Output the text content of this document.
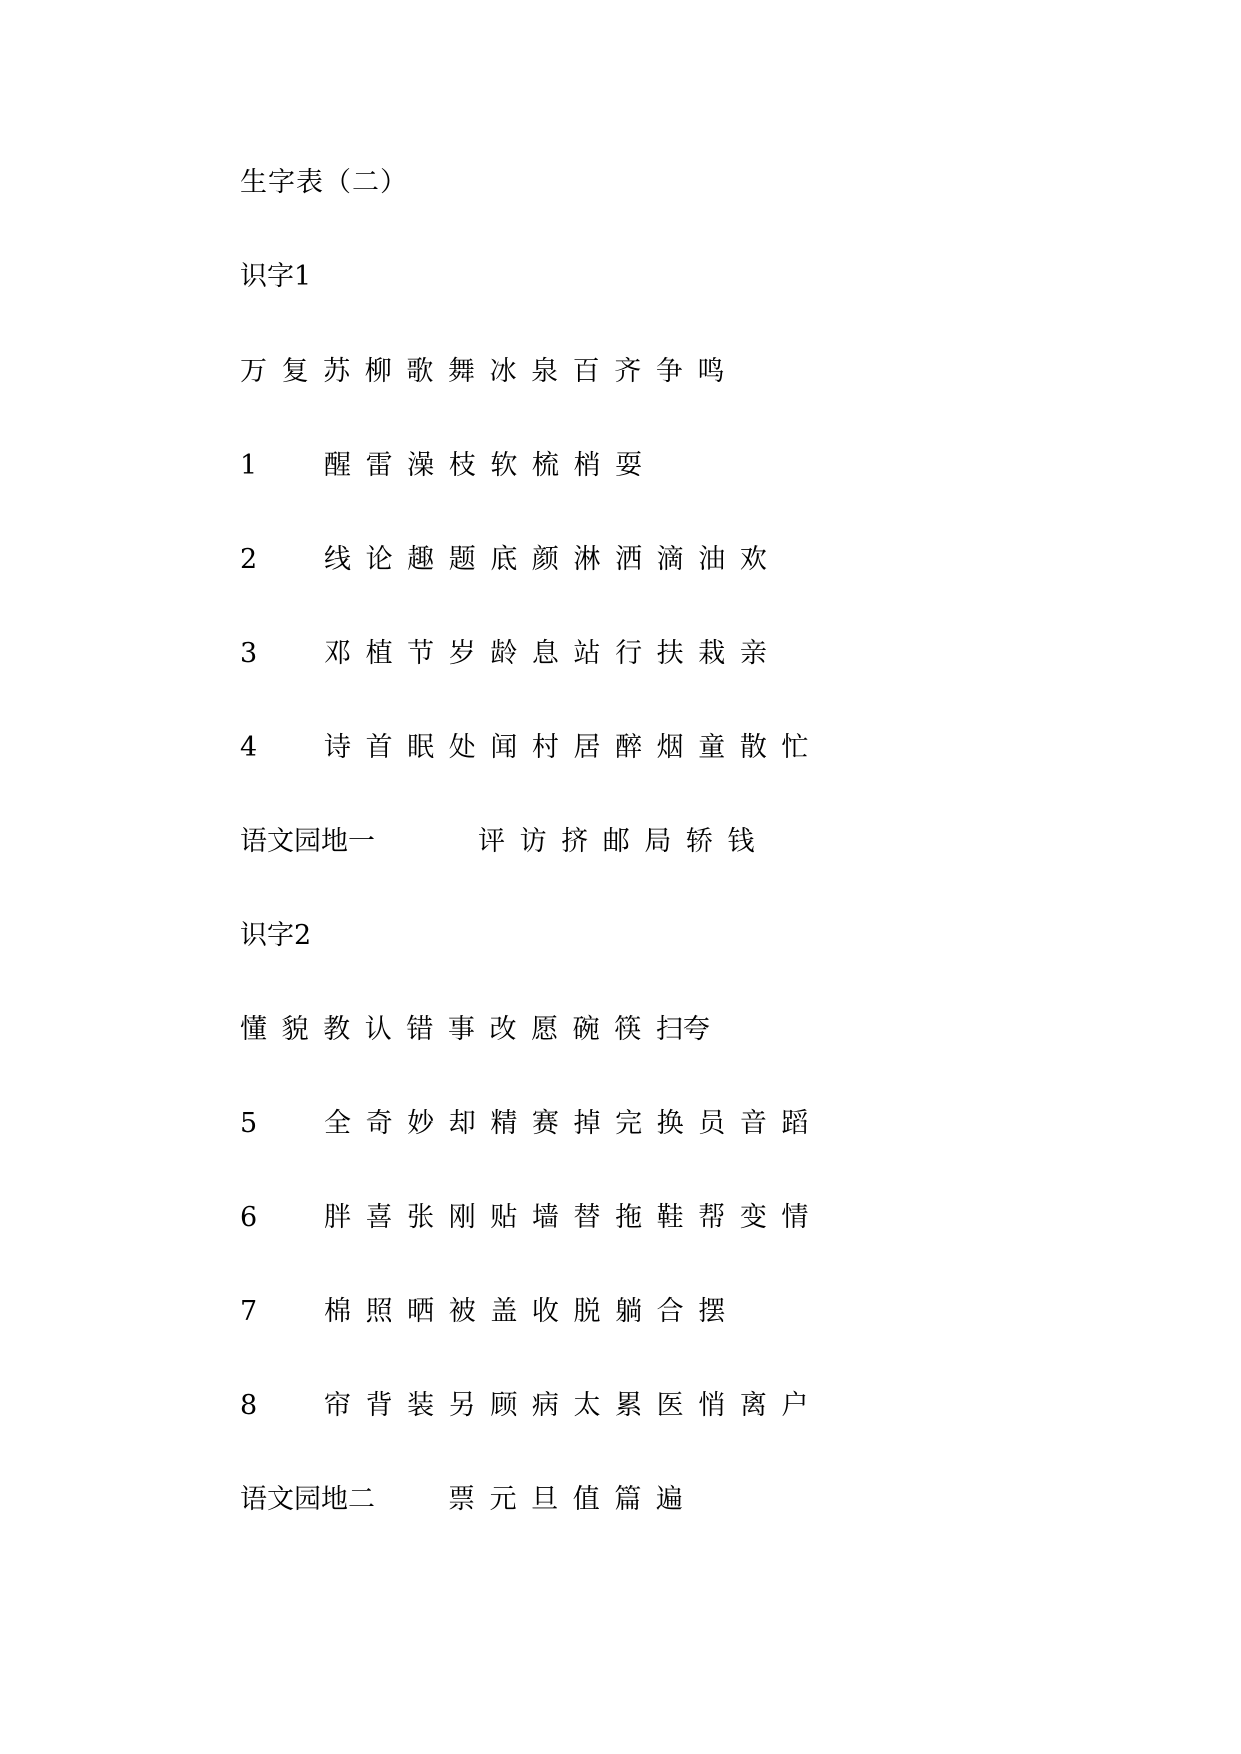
生字表（二）
识字1
万 复 苏 柳 歌 舞 冰 泉 百 齐 争 鸣
1 醒 雷 澡 枝 软 梳 梢 耍
2 线 论 趣 题 底 颜 淋 洒 滴 油 欢
3 邓 植 节 岁 龄 息 站 行 扶 栽 亲
4 诗 首 眠 处 闻 村 居 醉 烟 童 散 忙
语文园地一	评 访 挤 邮 局 轿 钱
识字2
懂 貌 教 认 错 事 改 愿 碗 筷 扫夸
5 全 奇 妙 却 精 赛 掉 完 换 员 音 蹈
6 胖 喜 张 刚 贴 墙 替 拖 鞋 帮 变 情
7 棉 照 晒 被 盖 收 脱 躺 合 摆
8 帘 背 装 另 顾 病 太 累 医 悄 离 户
语文园地二	票 元 旦 值 篇 遍
